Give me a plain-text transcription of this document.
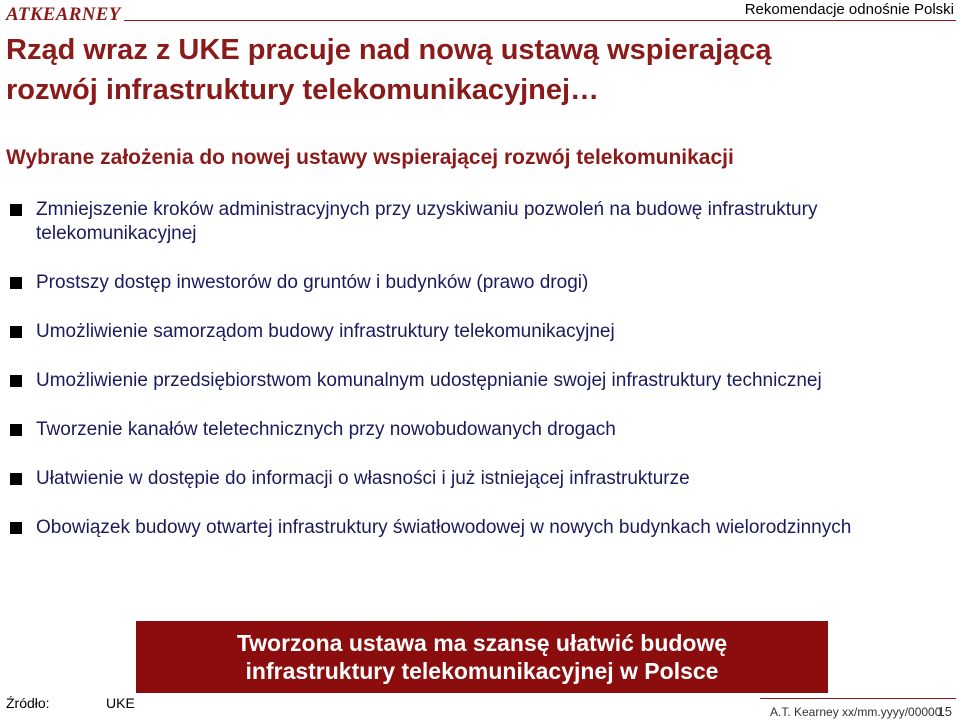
ATKEARNEY	Rekomendacje odnośnie Polski
Rząd wraz z UKE pracuje nad nową ustawą wspierającą
rozwój infrastruktury telekomunikacyjnej…
Wybrane założenia do nowej ustawy wspierającej rozwój telekomunikacji
Zmniejszenie kroków administracyjnych przy uzyskiwaniu pozwoleń na budowę infrastruktury telekomunikacyjnej
Prostszy dostęp inwestorów do gruntów i budynków (prawo drogi)
Umożliwienie samorządom budowy infrastruktury telekomunikacyjnej
Umożliwienie przedsiębiorstwom komunalnym udostępnianie swojej infrastruktury technicznej
Tworzenie kanałów teletechnicznych przy nowobudowanych drogach
Ułatwienie w dostępie do informacji o własności i już istniejącej infrastrukturze
Obowiązek budowy otwartej infrastruktury światłowodowej w nowych budynkach wielorodzinnych
Tworzona ustawa ma szansę ułatwić budowę
infrastruktury telekomunikacyjnej w Polsce
Źródło:	UKE
A.T. Kearney xx/mm.yyyy/00000
15
